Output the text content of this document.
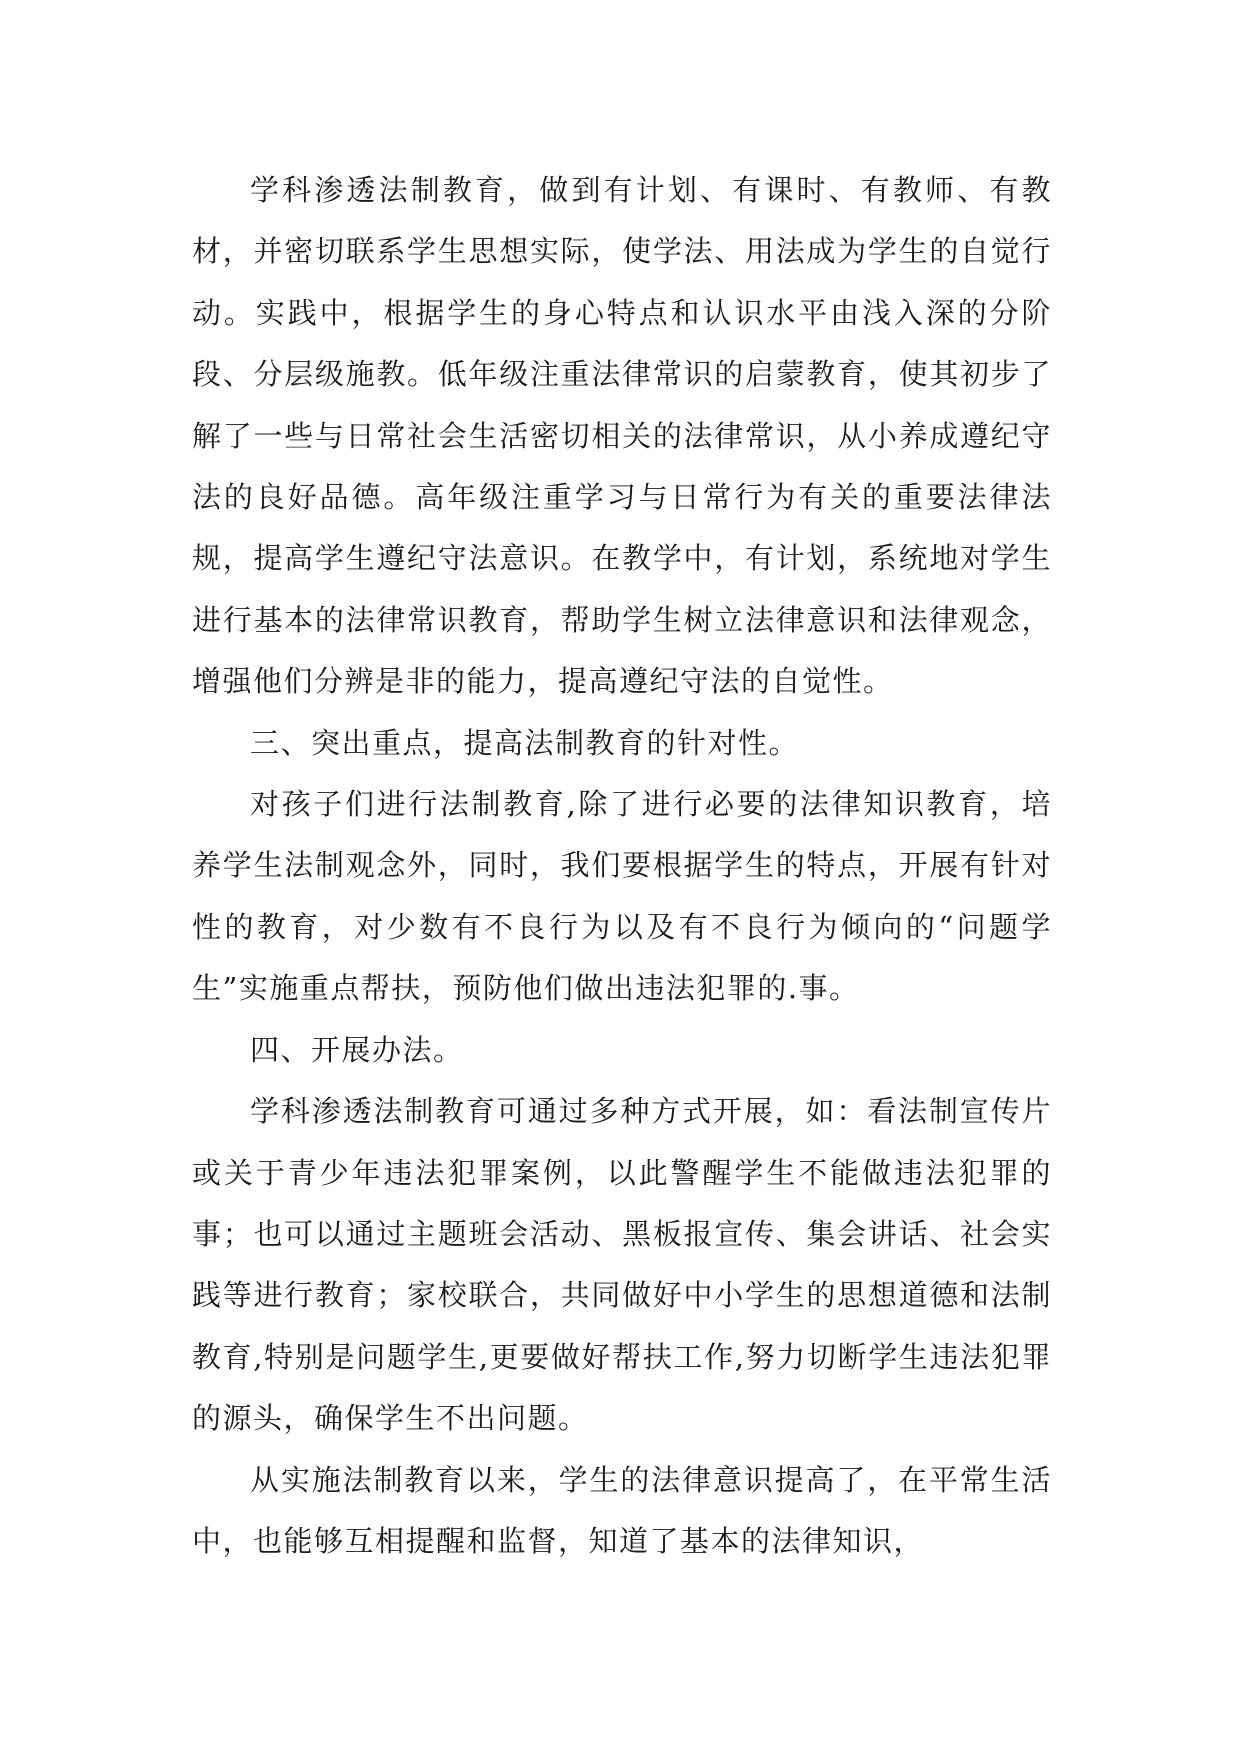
学科渗透法制教育，做到有计划、有课时、有教师、有教材，并密切联系学生思想实际，使学法、用法成为学生的自觉行动。实践中，根据学生的身心特点和认识水平由浅入深的分阶段、分层级施教。低年级注重法律常识的启蒙教育，使其初步了解了一些与日常社会生活密切相关的法律常识，从小养成遵纪守法的良好品德。高年级注重学习与日常行为有关的重要法律法规，提高学生遵纪守法意识。在教学中，有计划，系统地对学生进行基本的法律常识教育，帮助学生树立法律意识和法律观念，增强他们分辨是非的能力，提高遵纪守法的自觉性。

三、突出重点，提高法制教育的针对性。

对孩子们进行法制教育,除了进行必要的法律知识教育，培养学生法制观念外，同时，我们要根据学生的特点，开展有针对性的教育，对少数有不良行为以及有不良行为倾向的“问题学生”实施重点帮扶，预防他们做出违法犯罪的.事。

四、开展办法。

学科渗透法制教育可通过多种方式开展，如：看法制宣传片或关于青少年违法犯罪案例，以此警醒学生不能做违法犯罪的事；也可以通过主题班会活动、黑板报宣传、集会讲话、社会实践等进行教育；家校联合，共同做好中小学生的思想道德和法制教育,特别是问题学生,更要做好帮扶工作,努力切断学生违法犯罪的源头，确保学生不出问题。

从实施法制教育以来，学生的法律意识提高了，在平常生活中，也能够互相提醒和监督，知道了基本的法律知识，
